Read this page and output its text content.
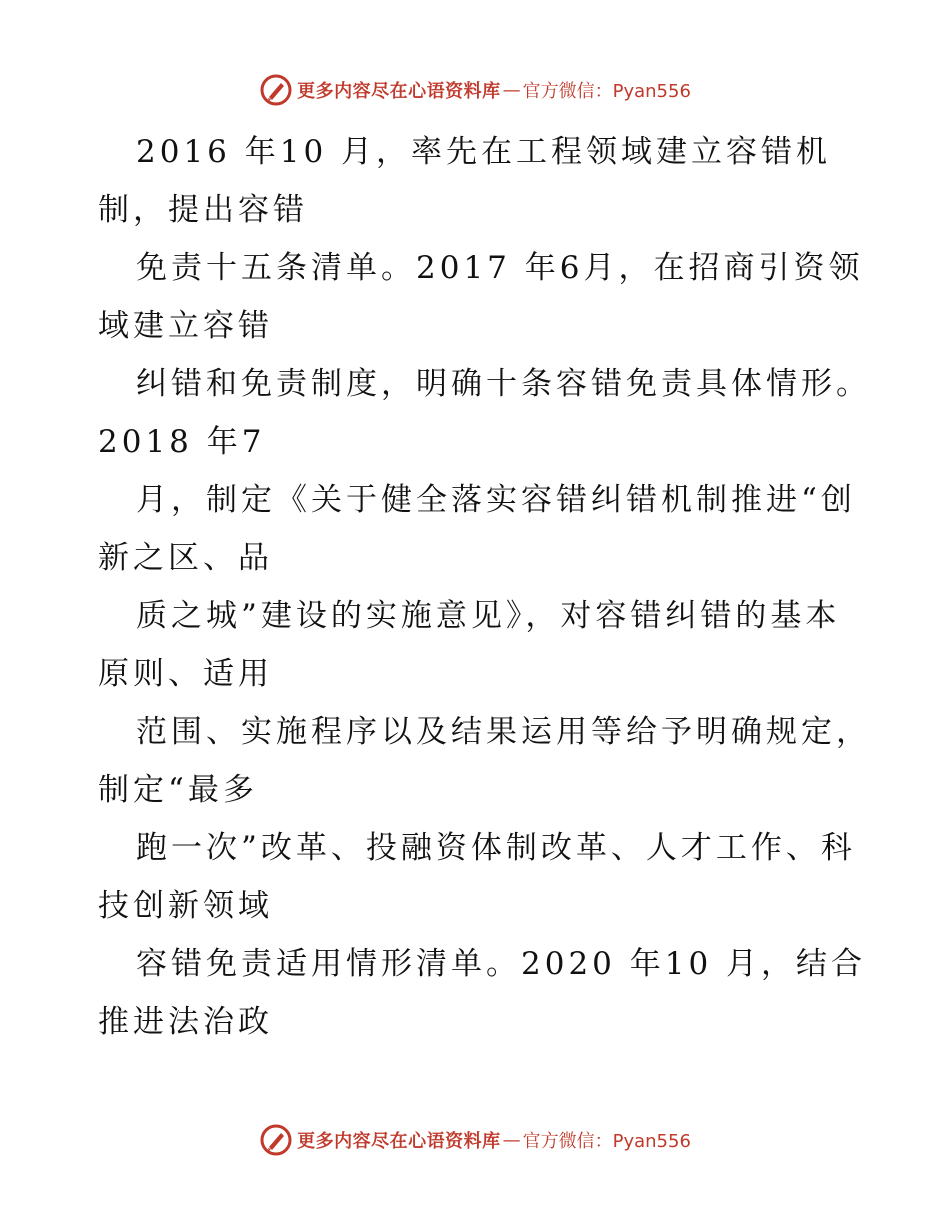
更多内容尽在心语资料库 — 官方微信：Pyan556
2016 年10 月，率先在工程领域建立容错机
制，提出容错
免责十五条清单。2017 年6月，在招商引资领
域建立容错
纠错和免责制度，明确十条容错免责具体情形。
2018 年7
月，制定《关于健全落实容错纠错机制推进“创
新之区、品
质之城”建设的实施意见》，对容错纠错的基本
原则、适用
范围、实施程序以及结果运用等给予明确规定，
制定“最多
跑一次”改革、投融资体制改革、人才工作、科
技创新领域
容错免责适用情形清单。2020 年10 月，结合
推进法治政
更多内容尽在心语资料库 — 官方微信：Pyan556
